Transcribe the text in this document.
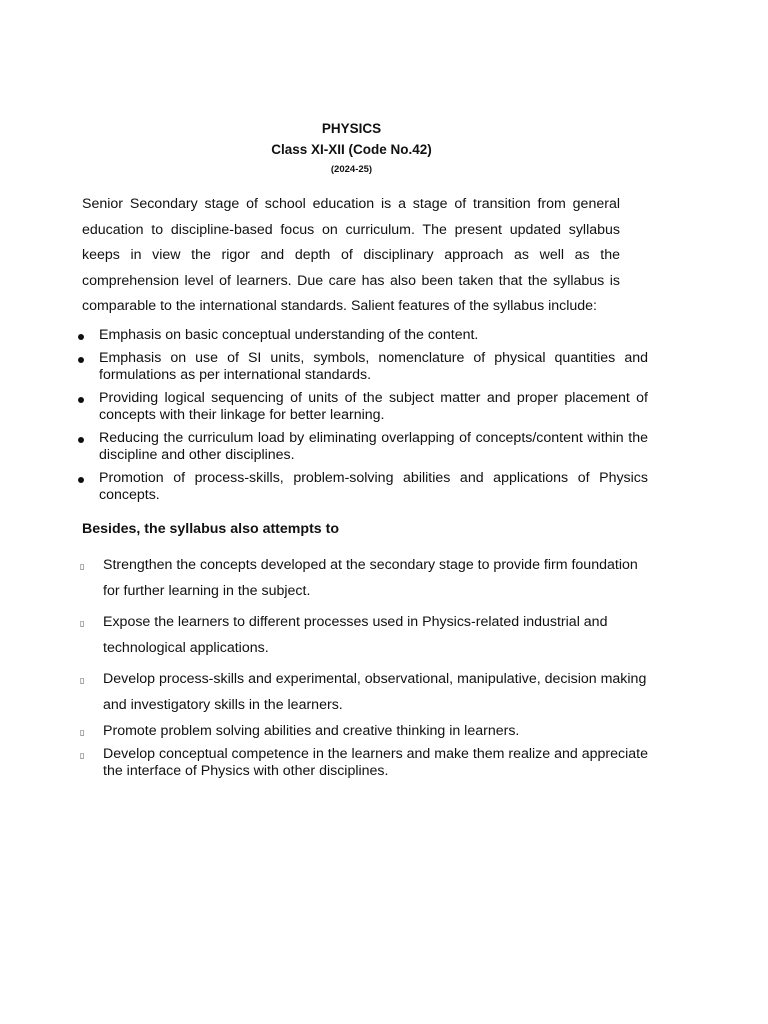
PHYSICS
Class XI-XII (Code No.42)
(2024-25)

Senior Secondary stage of school education is a stage of transition from general education to discipline-based focus on curriculum. The present updated syllabus keeps in view the rigor and depth of disciplinary approach as well as the comprehension level of learners. Due care has also been taken that the syllabus is comparable to the international standards. Salient features of the syllabus include:

Emphasis on basic conceptual understanding of the content.
Emphasis on use of SI units, symbols, nomenclature of physical quantities and formulations as per international standards.
Providing logical sequencing of units of the subject matter and proper placement of concepts with their linkage for better learning.
Reducing the curriculum load by eliminating overlapping of concepts/content within the discipline and other disciplines.
Promotion of process-skills, problem-solving abilities and applications of Physics concepts.
Besides, the syllabus also attempts to
▯ Strengthen the concepts developed at the secondary stage to provide firm foundation for further learning in the subject.
▯ Expose the learners to different processes used in Physics-related industrial and technological applications.
▯ Develop process-skills and experimental, observational, manipulative, decision making and investigatory skills in the learners.
▯ Promote problem solving abilities and creative thinking in learners.
▯ Develop conceptual competence in the learners and make them realize and appreciate the interface of Physics with other disciplines.
